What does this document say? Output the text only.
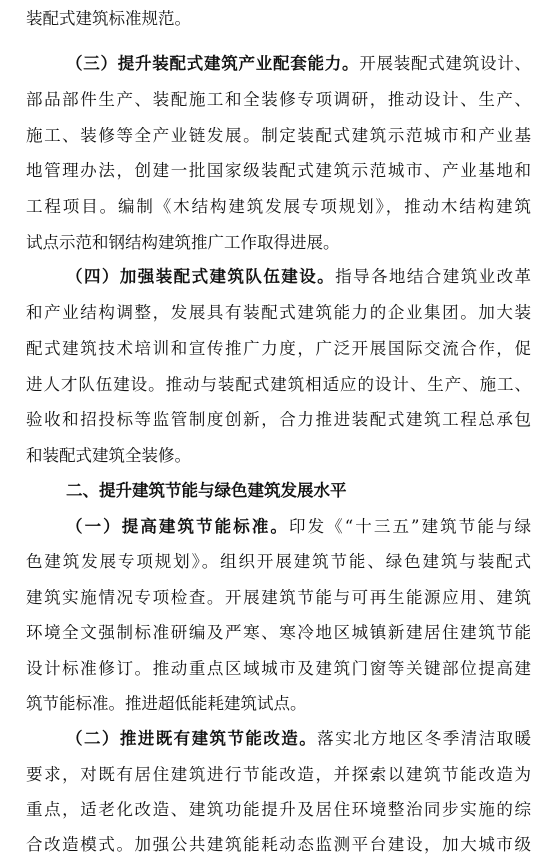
装配式建筑标准规范。
（三）提升装配式建筑产业配套能力。开展装配式建筑设计、
部品部件生产、装配施工和全装修专项调研，推动设计、生产、
施工、装修等全产业链发展。制定装配式建筑示范城市和产业基
地管理办法，创建一批国家级装配式建筑示范城市、产业基地和
工程项目。编制《木结构建筑发展专项规划》，推动木结构建筑
试点示范和钢结构建筑推广工作取得进展。
（四）加强装配式建筑队伍建设。指导各地结合建筑业改革
和产业结构调整，发展具有装配式建筑能力的企业集团。加大装
配式建筑技术培训和宣传推广力度，广泛开展国际交流合作，促
进人才队伍建设。推动与装配式建筑相适应的设计、生产、施工、
验收和招投标等监管制度创新，合力推进装配式建筑工程总承包
和装配式建筑全装修。
二、提升建筑节能与绿色建筑发展水平
（一）提高建筑节能标准。印发《“十三五”建筑节能与绿
色建筑发展专项规划》。组织开展建筑节能、绿色建筑与装配式
建筑实施情况专项检查。开展建筑节能与可再生能源应用、建筑
环境全文强制标准研编及严寒、寒冷地区城镇新建居住建筑节能
设计标准修订。推动重点区域城市及建筑门窗等关键部位提高建
筑节能标准。推进超低能耗建筑试点。
（二）推进既有建筑节能改造。落实北方地区冬季清洁取暖
要求，对既有居住建筑进行节能改造，并探索以建筑节能改造为
重点，适老化改造、建筑功能提升及居住环境整治同步实施的综
合改造模式。加强公共建筑能耗动态监测平台建设，加大城市级
